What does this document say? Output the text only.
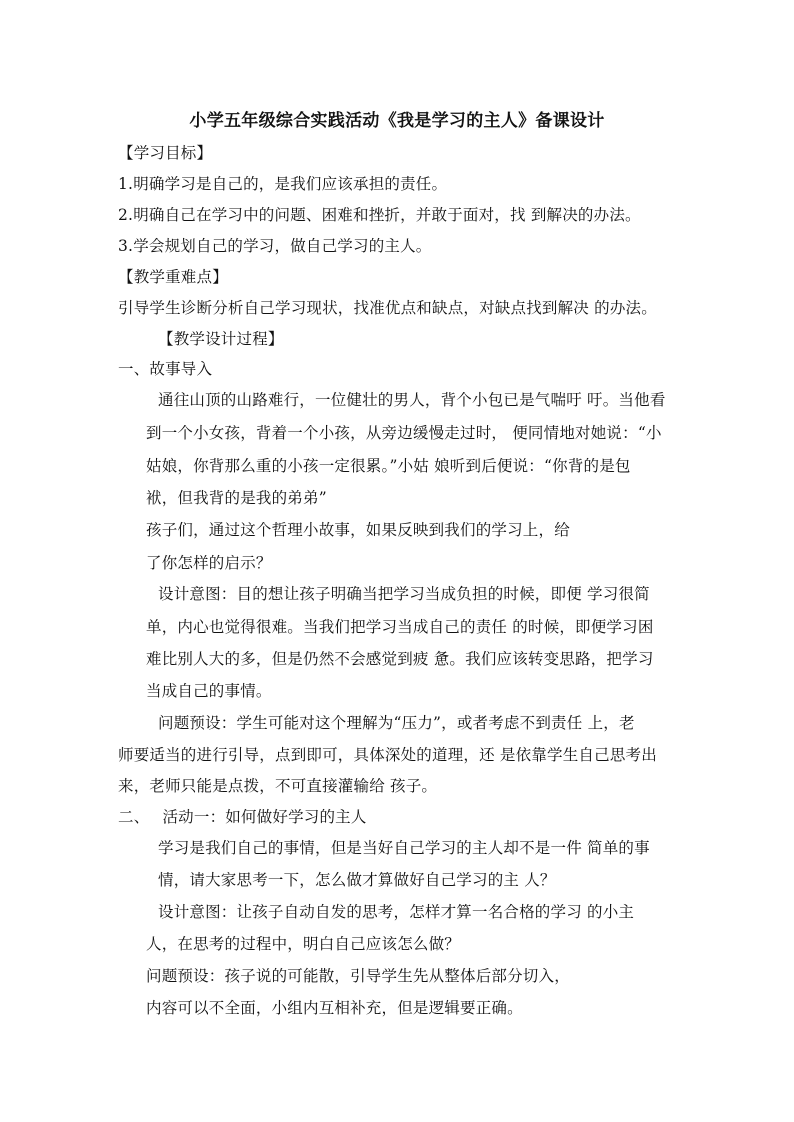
小学五年级综合实践活动《我是学习的主人》备课设计
【学习目标】
1.明确学习是自己的，是我们应该承担的责任。
2.明确自己在学习中的问题、困难和挫折，并敢于面对，找 到解决的办法。
3.学会规划自己的学习，做自己学习的主人。
【教学重难点】
引导学生诊断分析自己学习现状，找准优点和缺点，对缺点找到解决 的办法。
【教学设计过程】
一、故事导入
通往山顶的山路难行，一位健壮的男人，背个小包已是气喘吁 吁。当他看
到一个小女孩，背着一个小孩，从旁边缓慢走过时， 便同情地对她说：“小
姑娘，你背那么重的小孩一定很累。”小姑 娘听到后便说：“你背的是包
袱，但我背的是我的弟弟”
孩子们，通过这个哲理小故事，如果反映到我们的学习上，给
了你怎样的启示？
设计意图：目的想让孩子明确当把学习当成负担的时候，即便 学习很简
单，内心也觉得很难。当我们把学习当成自己的责任 的时候，即便学习困
难比别人大的多，但是仍然不会感觉到疲 惫。我们应该转变思路，把学习
当成自己的事情。
问题预设：学生可能对这个理解为“压力”，或者考虑不到责任 上，老
师要适当的进行引导，点到即可，具体深处的道理，还 是依靠学生自己思考出
来，老师只能是点拨，不可直接灌输给 孩子。
二、　 活动一：如何做好学习的主人
学习是我们自己的事情，但是当好自己学习的主人却不是一件 简单的事
情，请大家思考一下，怎么做才算做好自己学习的主 人？
设计意图：让孩子自动自发的思考，怎样才算一名合格的学习 的小主
人，在思考的过程中，明白自己应该怎么做？
问题预设：孩子说的可能散，引导学生先从整体后部分切入，
内容可以不全面，小组内互相补充，但是逻辑要正确。
